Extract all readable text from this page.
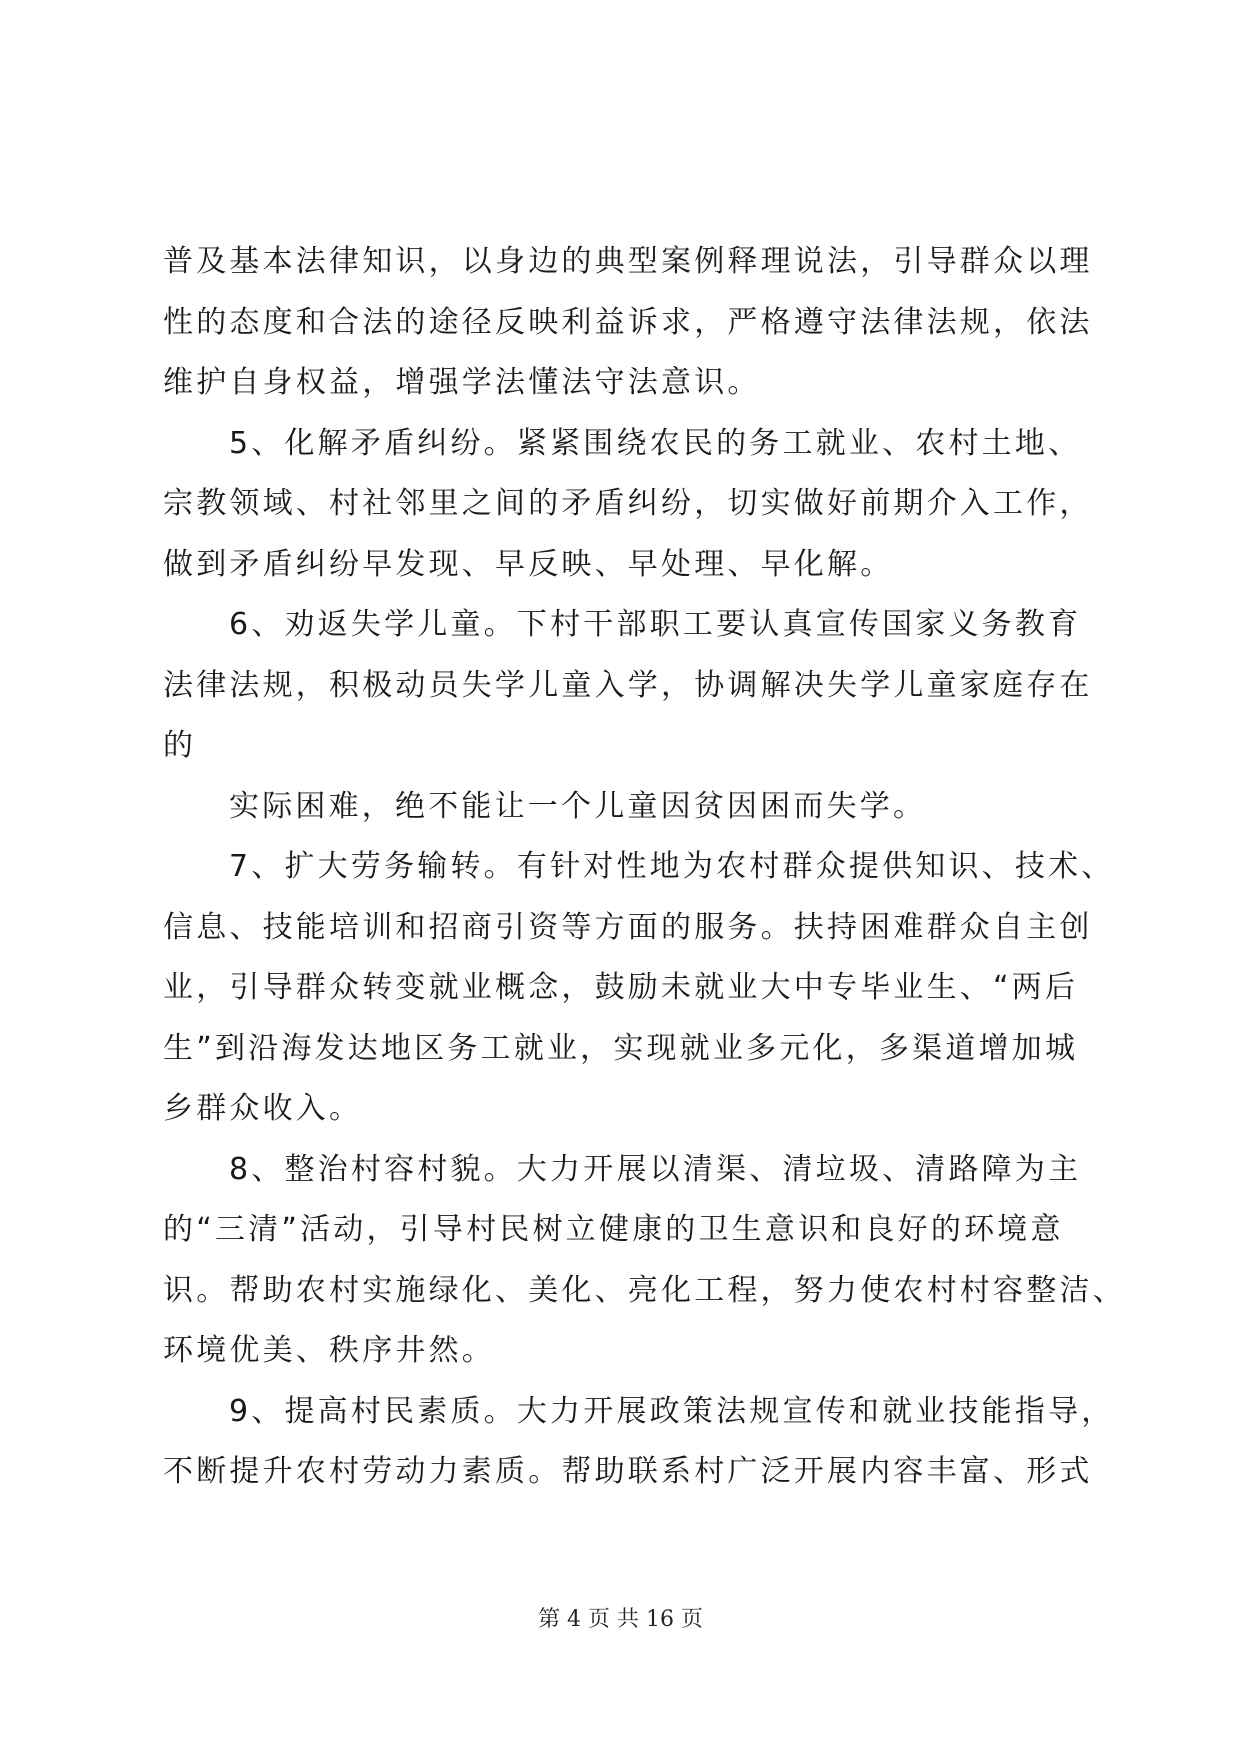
普及基本法律知识，以身边的典型案例释理说法，引导群众以理
性的态度和合法的途径反映利益诉求，严格遵守法律法规，依法
维护自身权益，增强学法懂法守法意识。
5、化解矛盾纠纷。紧紧围绕农民的务工就业、农村土地、
宗教领域、村社邻里之间的矛盾纠纷，切实做好前期介入工作，
做到矛盾纠纷早发现、早反映、早处理、早化解。
6、劝返失学儿童。下村干部职工要认真宣传国家义务教育
法律法规，积极动员失学儿童入学，协调解决失学儿童家庭存在
的
实际困难，绝不能让一个儿童因贫因困而失学。
7、扩大劳务输转。有针对性地为农村群众提供知识、技术、
信息、技能培训和招商引资等方面的服务。扶持困难群众自主创
业，引导群众转变就业概念，鼓励未就业大中专毕业生、“两后
生”到沿海发达地区务工就业，实现就业多元化，多渠道增加城
乡群众收入。
8、整治村容村貌。大力开展以清渠、清垃圾、清路障为主
的“三清”活动，引导村民树立健康的卫生意识和良好的环境意
识。帮助农村实施绿化、美化、亮化工程，努力使农村村容整洁、
环境优美、秩序井然。
9、提高村民素质。大力开展政策法规宣传和就业技能指导，
不断提升农村劳动力素质。帮助联系村广泛开展内容丰富、形式
第 4 页 共 16 页
